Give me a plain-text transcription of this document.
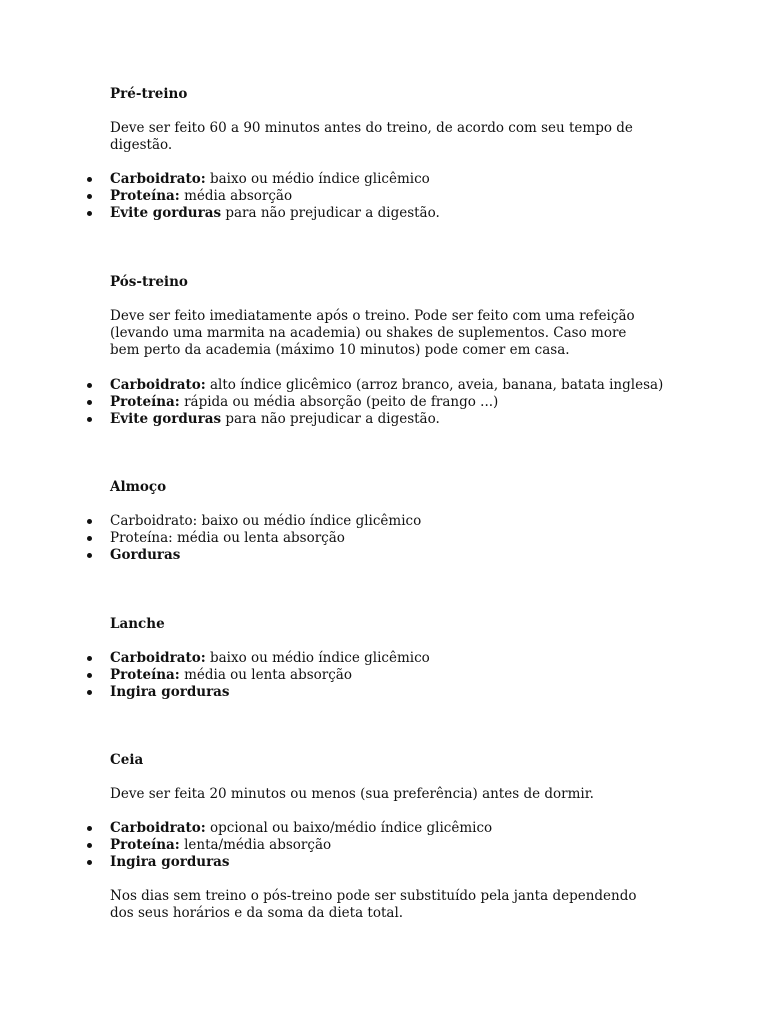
Pré-treino
Deve ser feito 60 a 90 minutos antes do treino, de acordo com seu tempo de digestão.
Carboidrato: baixo ou médio índice glicêmico
Proteína: média absorção
Evite gorduras para não prejudicar a digestão.
Pós-treino
Deve ser feito imediatamente após o treino. Pode ser feito com uma refeição (levando uma marmita na academia) ou shakes de suplementos. Caso more bem perto da academia (máximo 10 minutos) pode comer em casa.
Carboidrato: alto índice glicêmico (arroz branco, aveia, banana, batata inglesa)
Proteína: rápida ou média absorção (peito de frango ...)
Evite gorduras para não prejudicar a digestão.
Almoço
Carboidrato: baixo ou médio índice glicêmico
Proteína: média ou lenta absorção
Gorduras
Lanche
Carboidrato: baixo ou médio índice glicêmico
Proteína: média ou lenta absorção
Ingira gorduras
Ceia
Deve ser feita 20 minutos ou menos (sua preferência) antes de dormir.
Carboidrato: opcional ou baixo/médio índice glicêmico
Proteína: lenta/média absorção
Ingira gorduras
Nos dias sem treino o pós-treino pode ser substituído pela janta dependendo dos seus horários e da soma da dieta total.
